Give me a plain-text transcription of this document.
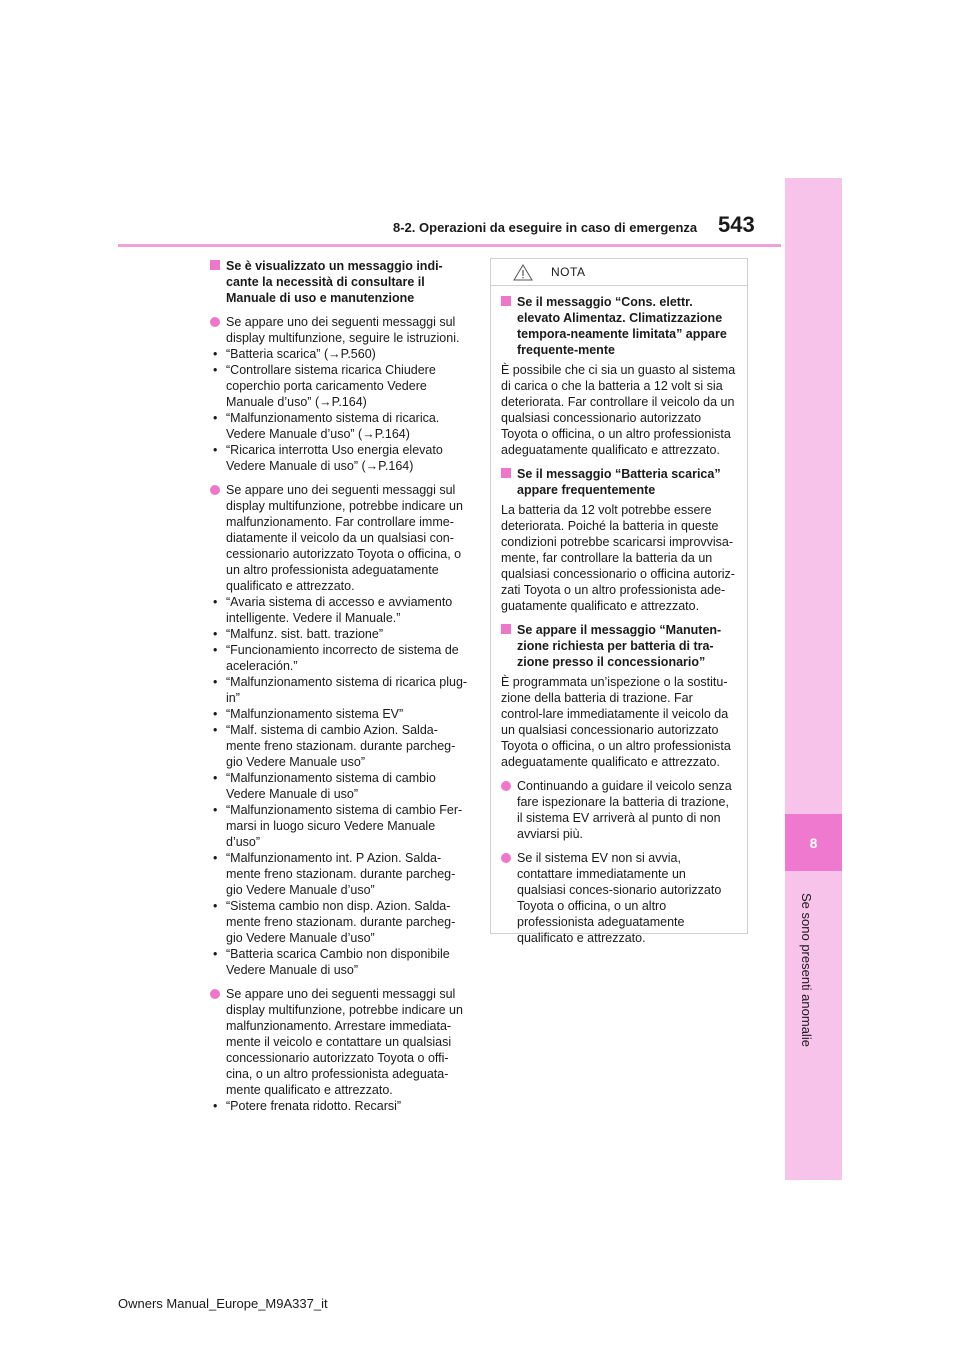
8
Se sono presenti anomalie
8-2. Operazioni da eseguire in caso di emergenza 543
Se è visualizzato un messaggio indi-cante la necessità di consultare il Manuale di uso e manutenzione
Se appare uno dei seguenti messaggi sul display multifunzione, seguire le istruzioni.
• “Batteria scarica” (→P.560)
• “Controllare sistema ricarica Chiudere coperchio porta caricamento Vedere Manuale d’uso” (→P.164)
• “Malfunzionamento sistema di ricarica. Vedere Manuale d’uso” (→P.164)
• “Ricarica interrotta Uso energia elevato Vedere Manuale di uso” (→P.164)
Se appare uno dei seguenti messaggi sul display multifunzione, potrebbe indicare un malfunzionamento. Far controllare imme-diatamente il veicolo da un qualsiasi con-cessionario autorizzato Toyota o officina, o un altro professionista adeguatamente qualificato e attrezzato.
• “Avaria sistema di accesso e avviamento intelligente. Vedere il Manuale.”
• “Malfunz. sist. batt. trazione”
• “Funcionamiento incorrecto de sistema de aceleración.”
• “Malfunzionamento sistema di ricarica plug-in”
• “Malfunzionamento sistema EV”
• “Malf. sistema di cambio Azion. Salda-mente freno stazionam. durante parcheg-gio Vedere Manuale uso”
• “Malfunzionamento sistema di cambio Vedere Manuale di uso”
• “Malfunzionamento sistema di cambio Fer-marsi in luogo sicuro Vedere Manuale d’uso”
• “Malfunzionamento int. P Azion. Salda-mente freno stazionam. durante parcheg-gio Vedere Manuale d’uso”
• “Sistema cambio non disp. Azion. Salda-mente freno stazionam. durante parcheg-gio Vedere Manuale d’uso”
• “Batteria scarica Cambio non disponibile Vedere Manuale di uso”
Se appare uno dei seguenti messaggi sul display multifunzione, potrebbe indicare un malfunzionamento. Arrestare immediata-mente il veicolo e contattare un qualsiasi concessionario autorizzato Toyota o offi-cina, o un altro professionista adeguata-mente qualificato e attrezzato.
• “Potere frenata ridotto. Recarsi”
NOTA
Se il messaggio “Cons. elettr. elevato Alimentaz. Climatizzazione tempora-neamente limitata” appare frequente-mente

È possibile che ci sia un guasto al sistema di carica o che la batteria a 12 volt si sia deteriorata. Far controllare il veicolo da un qualsiasi concessionario autorizzato Toyota o officina, o un altro professionista adeguatamente qualificato e attrezzato.

Se il messaggio “Batteria scarica” appare frequentemente

La batteria da 12 volt potrebbe essere deteriorata. Poiché la batteria in queste condizioni potrebbe scaricarsi improvvisa-mente, far controllare la batteria da un qualsiasi concessionario o officina autoriz-zati Toyota o un altro professionista ade-guatamente qualificato e attrezzato.

Se appare il messaggio “Manuten-zione richiesta per batteria di tra-zione presso il concessionario”

È programmata un’ispezione o la sostitu-zione della batteria di trazione. Far control-lare immediatamente il veicolo da un qualsiasi concessionario autorizzato Toyota o officina, o un altro professionista adeguatamente qualificato e attrezzato.

Continuando a guidare il veicolo senza fare ispezionare la batteria di trazione, il sistema EV arriverà al punto di non avviarsi più.
Se il sistema EV non si avvia, contattare immediatamente un qualsiasi conces-sionario autorizzato Toyota o officina, o un altro professionista adeguatamente qualificato e attrezzato.
Owners Manual_Europe_M9A337_it
